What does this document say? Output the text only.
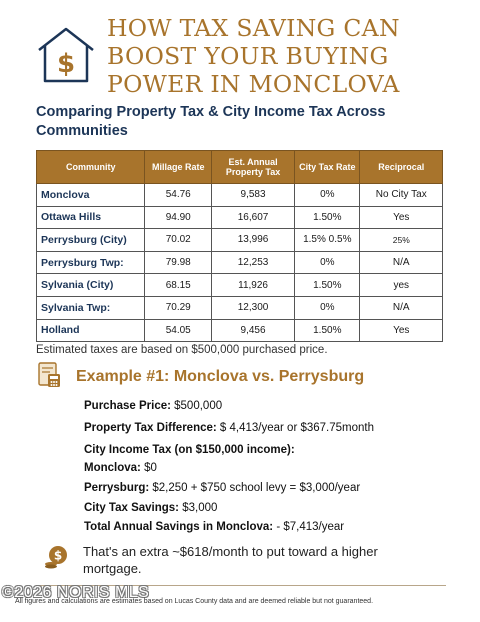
$
HOW TAX SAVING CAN BOOST YOUR BUYING POWER IN MONCLOVA
Comparing Property Tax & City Income Tax Across Communities
Community	Millage Rate	Est. Annual Property Tax	City Tax Rate	Reciprocal
Monclova	54.76	9,583	0%	No City Tax
Ottawa Hills	94.90	16,607	1.50%	Yes
Perrysburg (City)	70.02	13,996	1.5% 0.5%	25%
Perrysburg Twp:	79.98	12,253	0%	N/A
Sylvania (City)	68.15	11,926	1.50%	yes
Sylvania Twp:	70.29	12,300	0%	N/A
Holland	54.05	9,456	1.50%	Yes
Estimated taxes are based on $500,000 purchased price.
Example #1: Monclova vs. Perrysburg
Purchase Price: $500,000
Property Tax Difference: $ 4,413/year or $367.75month
City Income Tax (on $150,000 income):
Monclova: $0
Perrysburg: $2,250 + $750 school levy = $3,000/year
City Tax Savings: $3,000
Total Annual Savings in Monclova: - $7,413/year
$ That's an extra ~$618/month to put toward a higher mortgage.
©2026 NORIS MLS
All figures and calculations are estimates based on Lucas County data and are deemed reliable but not guaranteed.
